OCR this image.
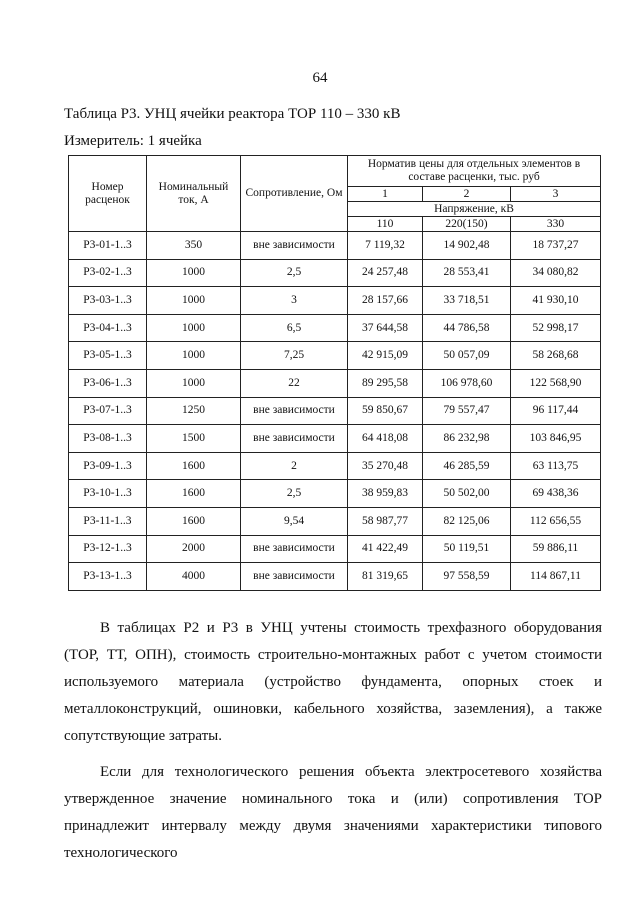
64
Таблица Р3. УНЦ ячейки реактора ТОР 110 – 330 кВ
Измеритель: 1 ячейка
Номер расценок	Номинальный ток, А	Сопротивление, Ом	Норматив цены для отдельных элементов в составе расценки, тыс. руб		
			1	2	3
			Напряжение, кВ		
			110	220(150)	330
Р3-01-1..3	350	вне зависимости	7 119,32	14 902,48	18 737,27
Р3-02-1..3	1000	2,5	24 257,48	28 553,41	34 080,82
Р3-03-1..3	1000	3	28 157,66	33 718,51	41 930,10
Р3-04-1..3	1000	6,5	37 644,58	44 786,58	52 998,17
Р3-05-1..3	1000	7,25	42 915,09	50 057,09	58 268,68
Р3-06-1..3	1000	22	89 295,58	106 978,60	122 568,90
Р3-07-1..3	1250	вне зависимости	59 850,67	79 557,47	96 117,44
Р3-08-1..3	1500	вне зависимости	64 418,08	86 232,98	103 846,95
Р3-09-1..3	1600	2	35 270,48	46 285,59	63 113,75
Р3-10-1..3	1600	2,5	38 959,83	50 502,00	69 438,36
Р3-11-1..3	1600	9,54	58 987,77	82 125,06	112 656,55
Р3-12-1..3	2000	вне зависимости	41 422,49	50 119,51	59 886,11
Р3-13-1..3	4000	вне зависимости	81 319,65	97 558,59	114 867,11

В таблицах Р2 и Р3 в УНЦ учтены стоимость трехфазного оборудования (ТОР, ТТ, ОПН), стоимость строительно-монтажных работ с учетом стоимости используемого материала (устройство фундамента, опорных стоек и металлоконструкций, ошиновки, кабельного хозяйства, заземления), а также сопутствующие затраты.

Если для технологического решения объекта электросетевого хозяйства утвержденное значение номинального тока и (или) сопротивления ТОР принадлежит интервалу между двумя значениями характеристики типового технологического
